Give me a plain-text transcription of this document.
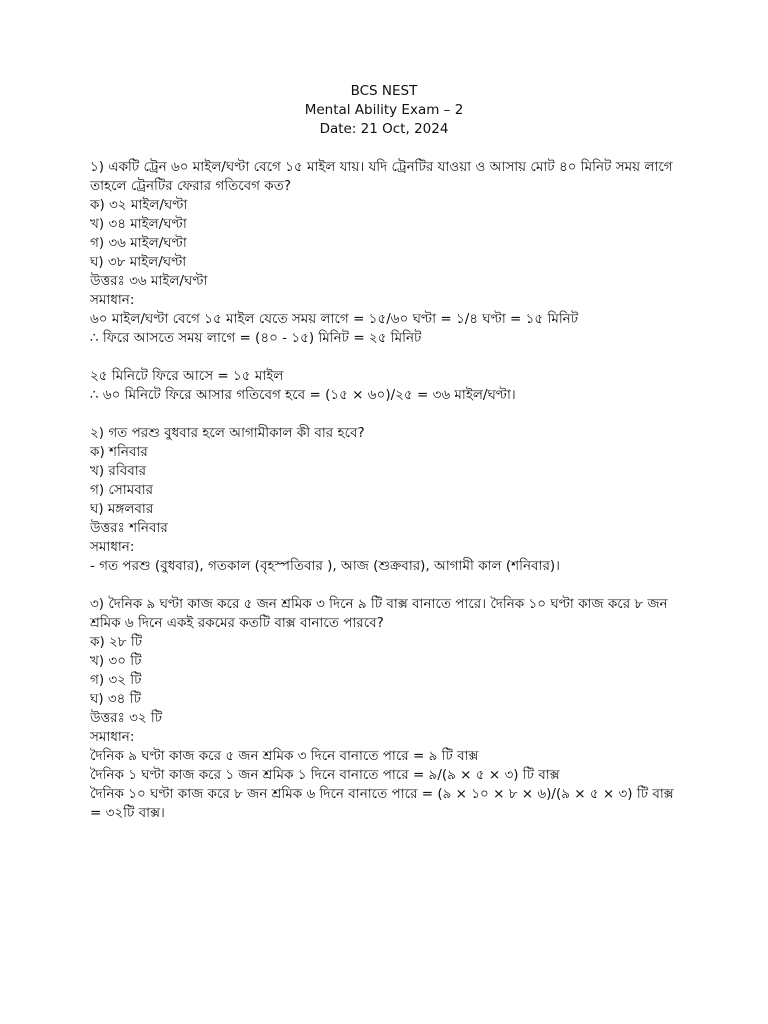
BCS NEST
Mental Ability Exam – 2
Date: 21 Oct, 2024
১) একটি ট্রেন ৬০ মাইল/ঘণ্টা বেগে ১৫ মাইল যায়। যদি ট্রেনটির যাওয়া ও আসায় মোট ৪০ মিনিট সময় লাগে তাহলে ট্রেনটির ফেরার গতিবেগ কত?
ক) ৩২ মাইল/ঘণ্টা
খ) ৩৪ মাইল/ঘণ্টা
গ) ৩৬ মাইল/ঘণ্টা
ঘ) ৩৮ মাইল/ঘণ্টা
উত্তরঃ ৩৬ মাইল/ঘণ্টা
সমাধান:
৬০ মাইল/ঘণ্টা বেগে ১৫ মাইল যেতে সময় লাগে = ১৫/৬০ ঘণ্টা = ১/৪ ঘণ্টা = ১৫ মিনিট
∴ ফিরে আসতে সময় লাগে = (৪০ - ১৫) মিনিট = ২৫ মিনিট
২৫ মিনিটে ফিরে আসে = ১৫ মাইল
∴ ৬০ মিনিটে ফিরে আসার গতিবেগ হবে = (১৫ × ৬০)/২৫ = ৩৬ মাইল/ঘণ্টা।
২) গত পরশু বুধবার হলে আগামীকাল কী বার হবে?
ক) শনিবার
খ) রবিবার
গ) সোমবার
ঘ) মঙ্গলবার
উত্তরঃ শনিবার
সমাধান:
- গত পরশু (বুধবার), গতকাল (বৃহস্পতিবার ), আজ (শুক্রবার), আগামী কাল (শনিবার)।
৩) দৈনিক ৯ ঘণ্টা কাজ করে ৫ জন শ্রমিক ৩ দিনে ৯ টি বাক্স বানাতে পারে। দৈনিক ১০ ঘণ্টা কাজ করে ৮ জন শ্রমিক ৬ দিনে একই রকমের কতটি বাক্স বানাতে পারবে?
ক) ২৮ টি
খ) ৩০ টি
গ) ৩২ টি
ঘ) ৩৪ টি
উত্তরঃ ৩২ টি
সমাধান:
দৈনিক ৯ ঘণ্টা কাজ করে ৫ জন শ্রমিক ৩ দিনে বানাতে পারে = ৯ টি বাক্স
দৈনিক ১ ঘণ্টা কাজ করে ১ জন শ্রমিক ১ দিনে বানাতে পারে = ৯/(৯ × ৫ × ৩) টি বাক্স
দৈনিক ১০ ঘণ্টা কাজ করে ৮ জন শ্রমিক ৬ দিনে বানাতে পারে = (৯ × ১০ × ৮ × ৬)/(৯ × ৫ × ৩) টি বাক্স
= ৩২টি বাক্স।
